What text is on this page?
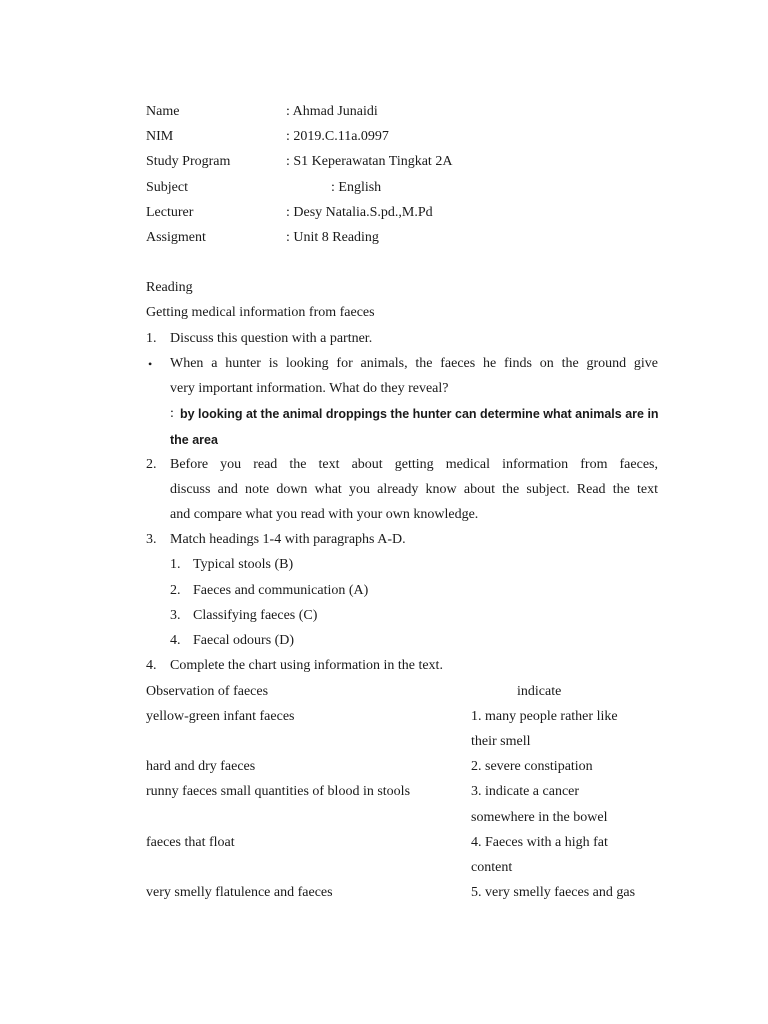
Name	: Ahmad Junaidi
NIM	: 2019.C.11a.0997
Study Program	: S1 Keperawatan Tingkat 2A
Subject	: English
Lecturer	: Desy Natalia.S.pd.,M.Pd
Assigment	: Unit 8 Reading
Reading
Getting medical information from faeces
1. Discuss this question with a partner.
• When a hunter is looking for animals, the faeces he finds on the ground give
very important information. What do they reveal?
: by looking at the animal droppings the hunter can determine what animals are in
the area
2. Before you read the text about getting medical information from faeces,
discuss and note down what you already know about the subject. Read the text
and compare what you read with your own knowledge.
3. Match headings 1-4 with paragraphs A-D.
1. Typical stools (B)
2. Faeces and communication (A)
3. Classifying faeces (C)
4. Faecal odours (D)
4. Complete the chart using information in the text.
Observation of faeces	indicate
yellow-green infant faeces	1. many people rather like
their smell
hard and dry faeces	2. severe constipation
runny faeces small quantities of blood in stools	3. indicate a cancer
somewhere in the bowel
faeces that float	4. Faeces with a high fat
content
very smelly flatulence and faeces	5. very smelly faeces and gas
